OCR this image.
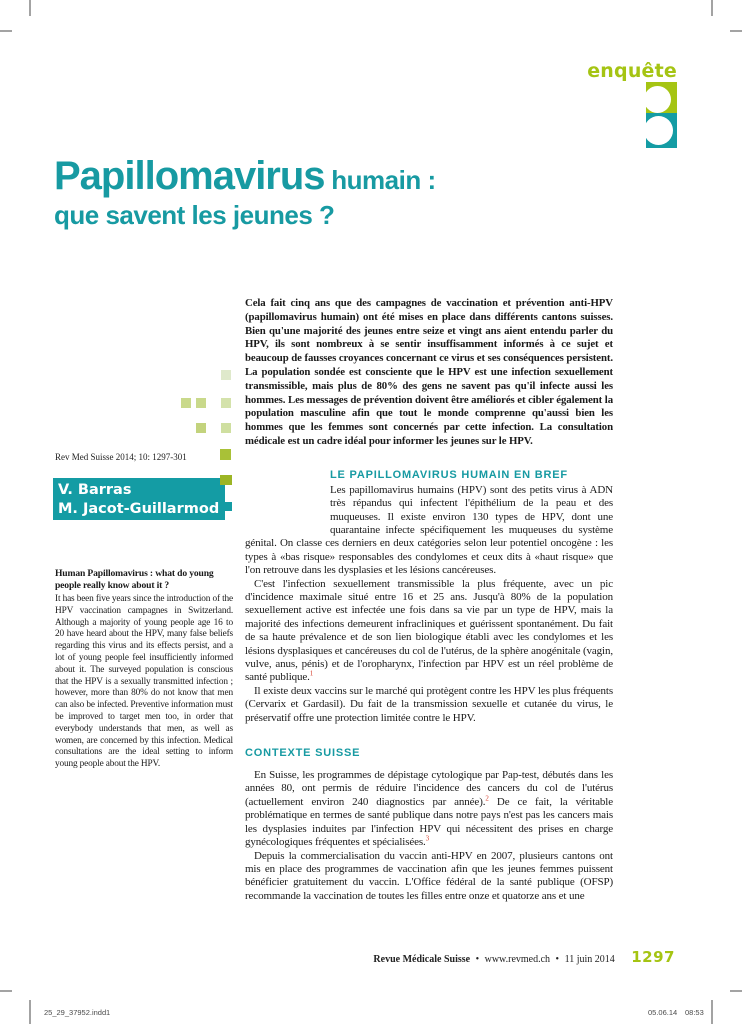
enquête
Papillomavirus humain :
que savent les jeunes ?
Rev Med Suisse 2014; 10: 1297-301
V. Barras
M. Jacot-Guillarmod
Human Papillomavirus : what do young people really know about it ?
It has been five years since the introduction of the HPV vaccination campagnes in Switzerland. Although a majority of young people age 16 to 20 have heard about the HPV, many false beliefs regarding this virus and its effects persist, and a lot of young people feel insufficiently informed about it. The surveyed population is conscious that the HPV is a sexually transmitted infection ; however, more than 80% do not know that men can also be infected. Preventive information must be improved to target men too, in order that everybody understands that men, as well as women, are concerned by this infection. Medical consultations are the ideal setting to inform young people about the HPV.

Cela fait cinq ans que des campagnes de vaccination et prévention anti-HPV (papillomavirus humain) ont été mises en place dans différents cantons suisses. Bien qu'une majorité des jeunes entre seize et vingt ans aient entendu parler du HPV, ils sont nombreux à se sentir insuffisamment informés à ce sujet et beaucoup de fausses croyances concernant ce virus et ses conséquences persistent. La population sondée est consciente que le HPV est une infection sexuellement transmissible, mais plus de 80% des gens ne savent pas qu'il infecte aussi les hommes. Les messages de prévention doivent être améliorés et cibler également la population masculine afin que tout le monde comprenne qu'aussi bien les hommes que les femmes sont concernés par cette infection. La consultation médicale est un cadre idéal pour informer les jeunes sur le HPV.

LE PAPILLOMAVIRUS HUMAIN EN BREF

Les papillomavirus humains (HPV) sont des petits virus à ADN très répandus qui infectent l'épithélium de la peau et des muqueuses. Il existe environ 130 types de HPV, dont une quarantaine infecte spécifiquement les muqueuses du système génital. On classe ces derniers en deux catégories selon leur potentiel oncogène : les types à «bas risque» responsables des condylomes et ceux dits à «haut risque» que l'on retrouve dans les dysplasies et les lésions cancéreuses.

C'est l'infection sexuellement transmissible la plus fréquente, avec un pic d'incidence maximale situé entre 16 et 25 ans. Jusqu'à 80% de la population sexuellement active est infectée une fois dans sa vie par un type de HPV, mais la majorité des infections demeurent infracliniques et guérissent spontanément. Du fait de sa haute prévalence et de son lien biologique établi avec les condylomes et les lésions dysplasiques et cancéreuses du col de l'utérus, de la sphère anogénitale (vagin, vulve, anus, pénis) et de l'oropharynx, l'infection par HPV est un réel problème de santé publique.$^1$

Il existe deux vaccins sur le marché qui protègent contre les HPV les plus fréquents (Cervarix et Gardasil). Du fait de la transmission sexuelle et cutanée du virus, le préservatif offre une protection limitée contre le HPV.

CONTEXTE SUISSE

En Suisse, les programmes de dépistage cytologique par Pap-test, débutés dans les années 80, ont permis de réduire l'incidence des cancers du col de l'utérus (actuellement environ 240 diagnostics par année).$^2$ De ce fait, la véritable problématique en termes de santé publique dans notre pays n'est pas les cancers mais les dysplasies induites par l'infection HPV qui nécessitent des prises en charge gynécologiques fréquentes et spécialisées.$^3$

Depuis la commercialisation du vaccin anti-HPV en 2007, plusieurs cantons ont mis en place des programmes de vaccination afin que les jeunes femmes puissent bénéficier gratuitement du vaccin. L'Office fédéral de la santé publique (OFSP) recommande la vaccination de toutes les filles entre onze et quatorze ans et une

Revue Médicale Suisse • www.revmed.ch • 11 juin 2014 1297
25_29_37952.indd 1	05.06.14 08:53
